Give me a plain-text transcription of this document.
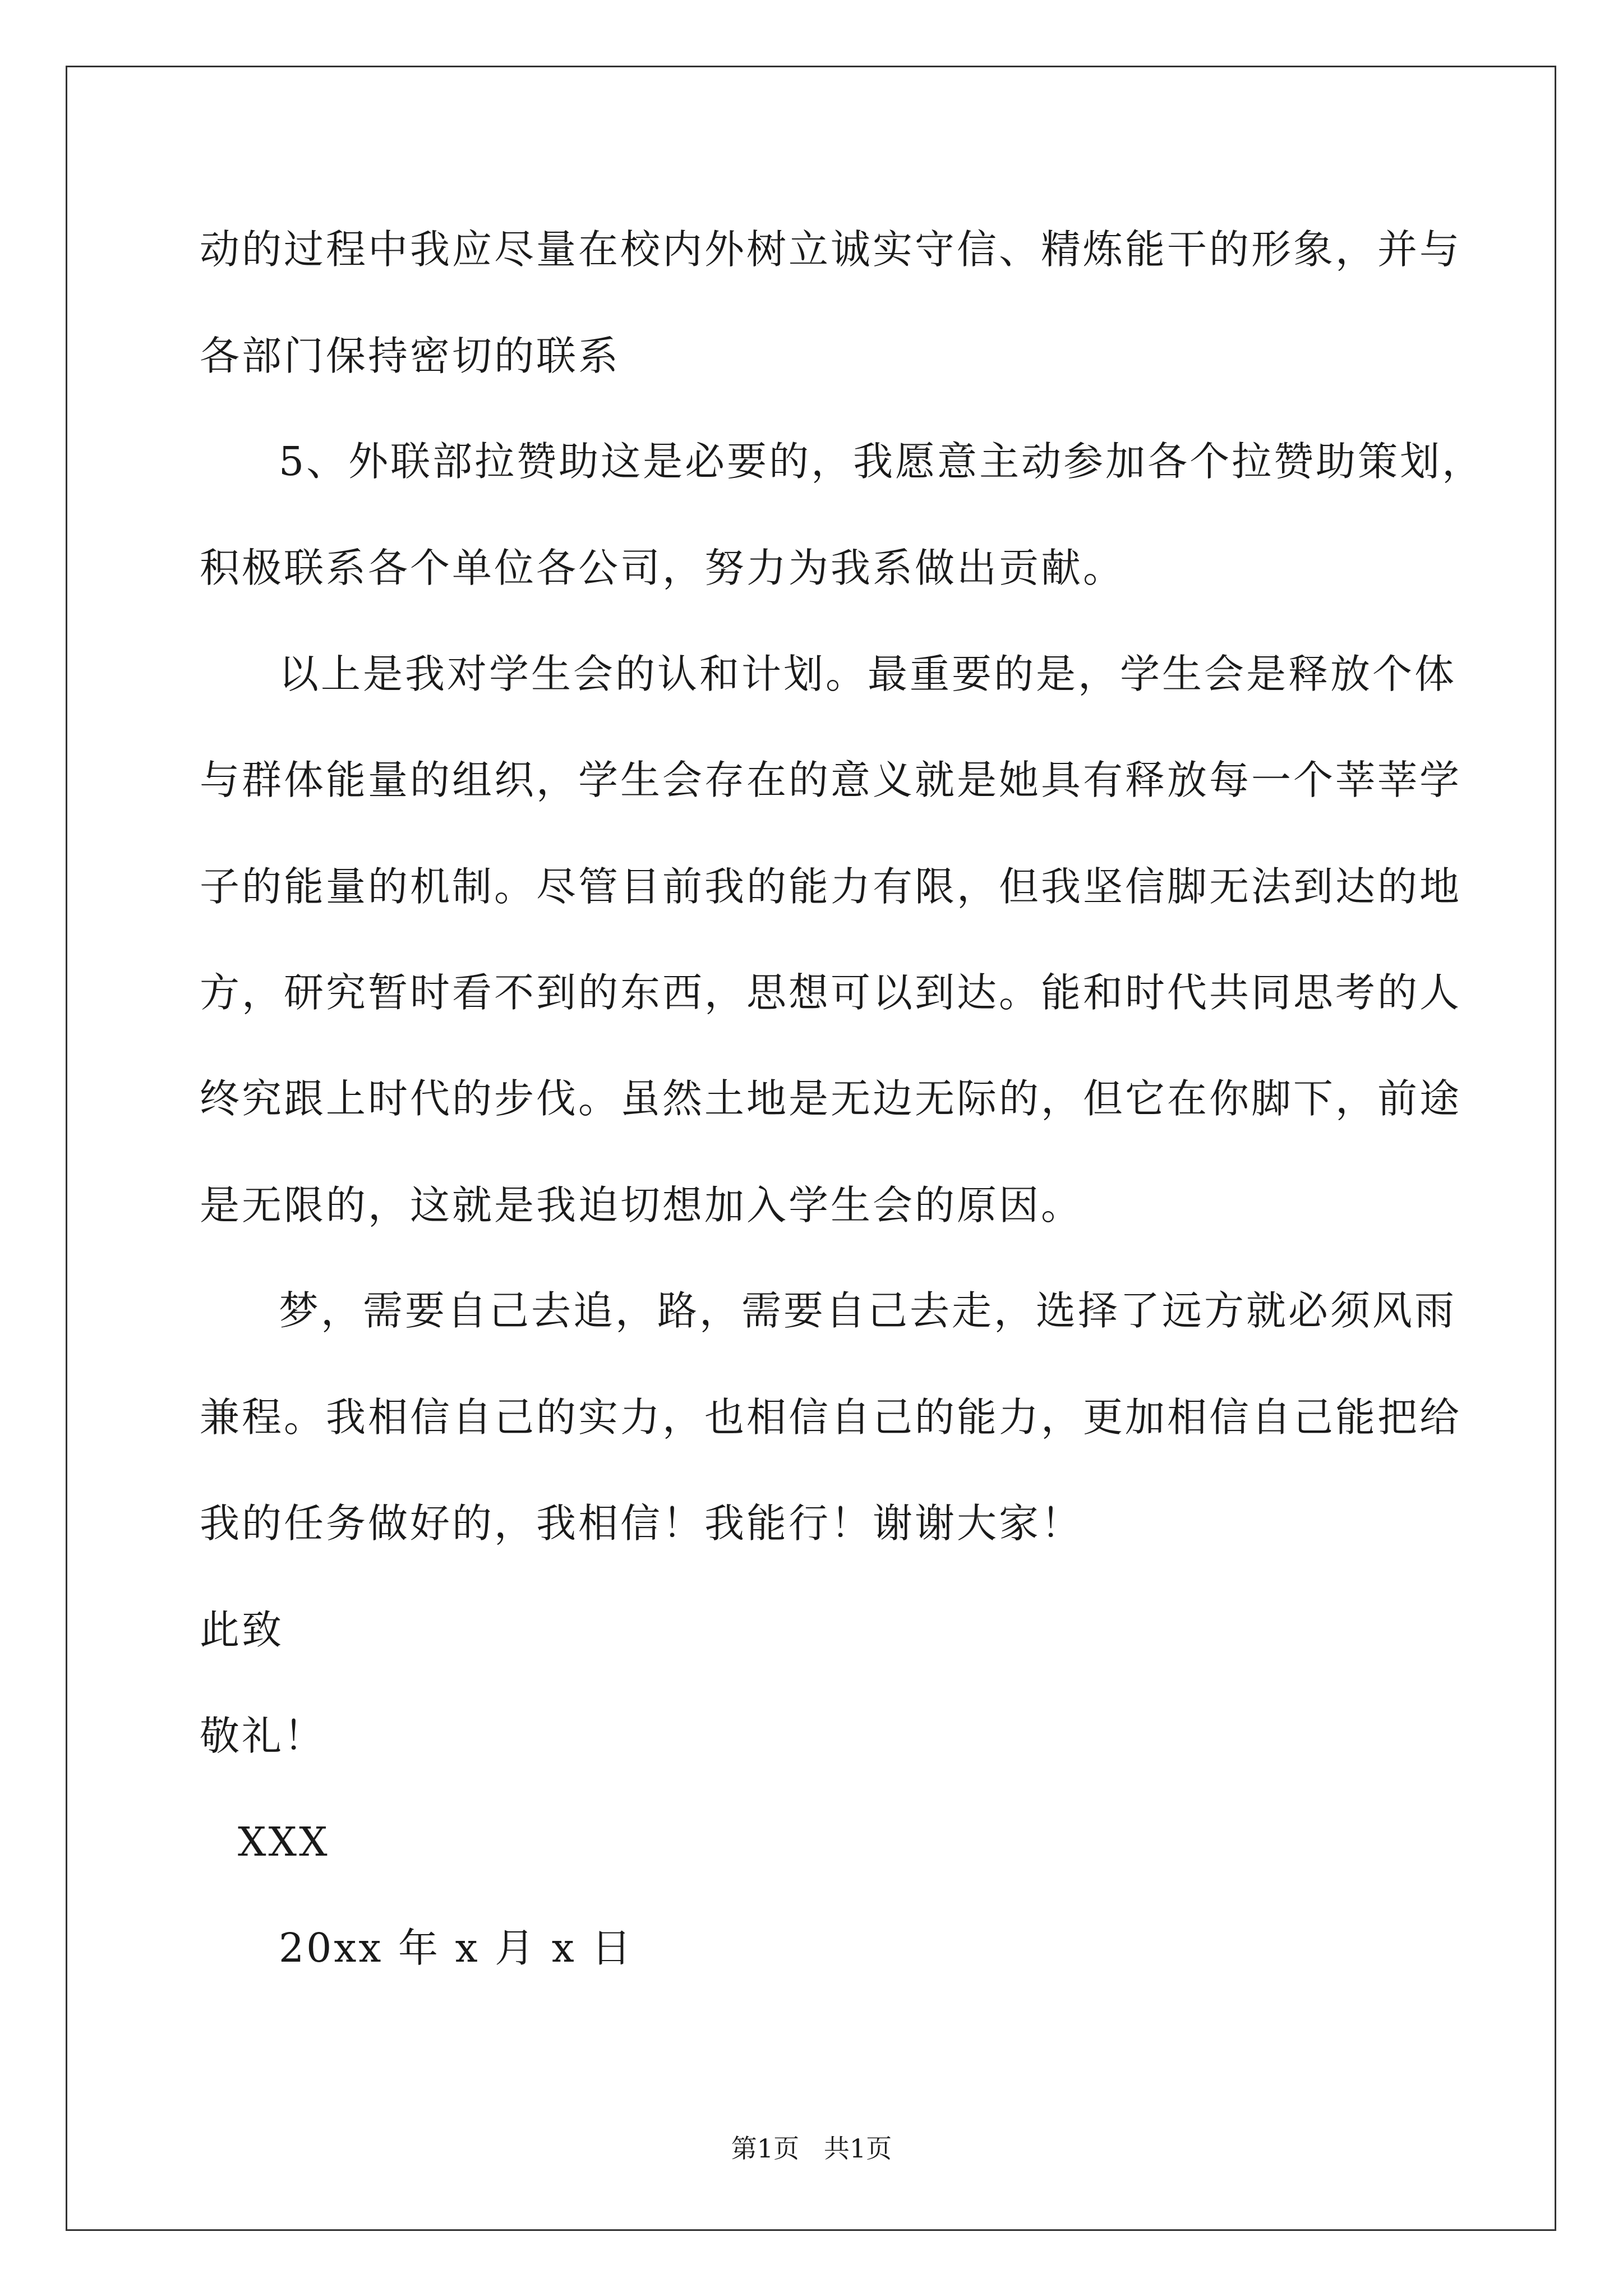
动的过程中我应尽量在校内外树立诚实守信、精炼能干的形象，并与
各部门保持密切的联系
5、外联部拉赞助这是必要的，我愿意主动参加各个拉赞助策划，
积极联系各个单位各公司，努力为我系做出贡献。
以上是我对学生会的认和计划。最重要的是，学生会是释放个体
与群体能量的组织，学生会存在的意义就是她具有释放每一个莘莘学
子的能量的机制。尽管目前我的能力有限，但我坚信脚无法到达的地
方，研究暂时看不到的东西，思想可以到达。能和时代共同思考的人
终究跟上时代的步伐。虽然土地是无边无际的，但它在你脚下，前途
是无限的，这就是我迫切想加入学生会的原因。
梦，需要自己去追，路，需要自己去走，选择了远方就必须风雨
兼程。我相信自己的实力，也相信自己的能力，更加相信自己能把给
我的任务做好的，我相信！我能行！谢谢大家！
此致
敬礼！
XXX
20xx 年 x 月 x 日
第1页   共1页
